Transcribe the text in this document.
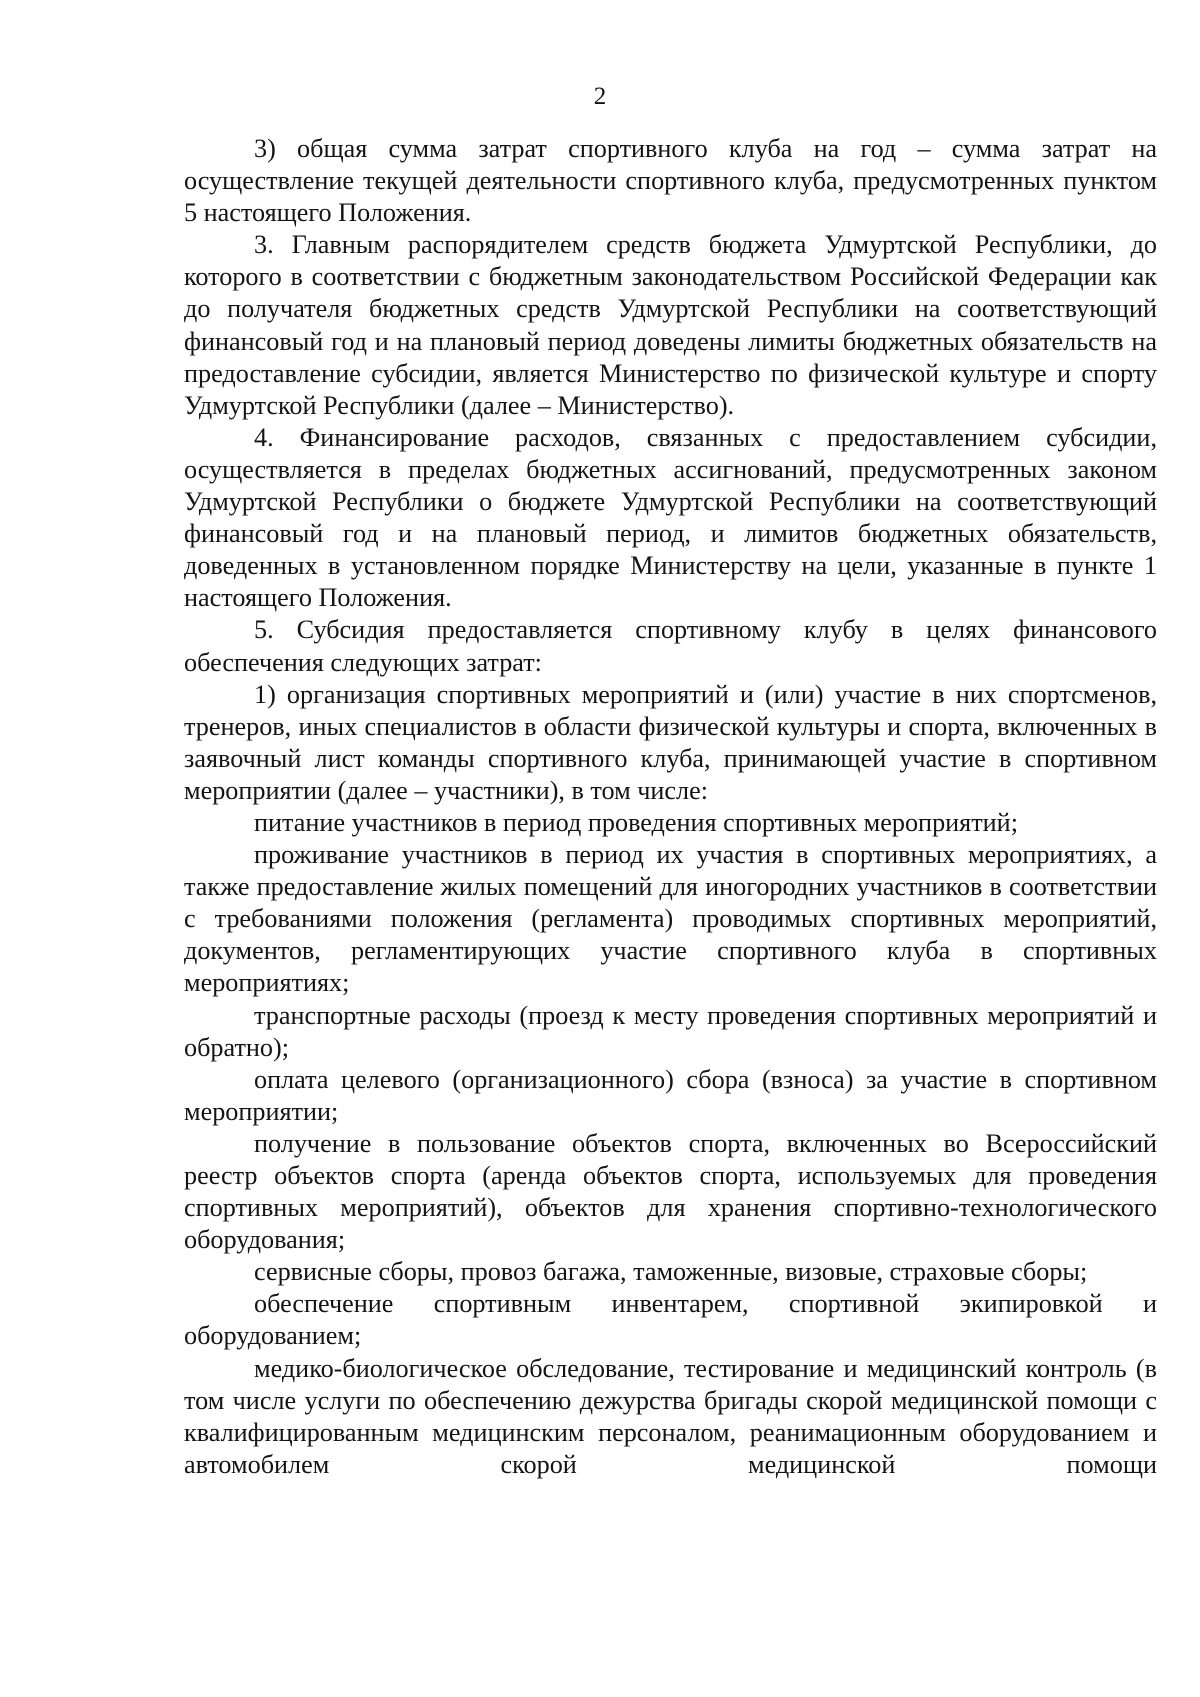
2

3) общая сумма затрат спортивного клуба на год – сумма затрат на осуществление текущей деятельности спортивного клуба, предусмотренных пунктом 5 настоящего Положения.

3. Главным распорядителем средств бюджета Удмуртской Республики, до которого в соответствии с бюджетным законодательством Российской Федерации как до получателя бюджетных средств Удмуртской Республики на соответствующий финансовый год и на плановый период доведены лимиты бюджетных обязательств на предоставление субсидии, является Министерство по физической культуре и спорту Удмуртской Республики (далее – Министерство).

4. Финансирование расходов, связанных с предоставлением субсидии, осуществляется в пределах бюджетных ассигнований, предусмотренных законом Удмуртской Республики о бюджете Удмуртской Республики на соответствующий финансовый год и на плановый период, и лимитов бюджетных обязательств, доведенных в установленном порядке Министерству на цели, указанные в пункте 1 настоящего Положения.

5. Субсидия предоставляется спортивному клубу в целях финансового обеспечения следующих затрат:

1) организация спортивных мероприятий и (или) участие в них спортсменов, тренеров, иных специалистов в области физической культуры и спорта, включенных в заявочный лист команды спортивного клуба, принимающей участие в спортивном мероприятии (далее – участники), в том числе:

питание участников в период проведения спортивных мероприятий;

проживание участников в период их участия в спортивных мероприятиях, а также предоставление жилых помещений для иногородних участников в соответствии с требованиями положения (регламента) проводимых спортивных мероприятий, документов, регламентирующих участие спортивного клуба в спортивных мероприятиях;

транспортные расходы (проезд к месту проведения спортивных мероприятий и обратно);

оплата целевого (организационного) сбора (взноса) за участие в спортивном мероприятии;

получение в пользование объектов спорта, включенных во Всероссийский реестр объектов спорта (аренда объектов спорта, используемых для проведения спортивных мероприятий), объектов для хранения спортивно-технологического оборудования;

сервисные сборы, провоз багажа, таможенные, визовые, страховые сборы;

обеспечение спортивным инвентарем, спортивной экипировкой и оборудованием;

медико-биологическое обследование, тестирование и медицинский контроль (в том числе услуги по обеспечению дежурства бригады скорой медицинской помощи с квалифицированным медицинским персоналом, реанимационным оборудованием и автомобилем скорой медицинской помощи
